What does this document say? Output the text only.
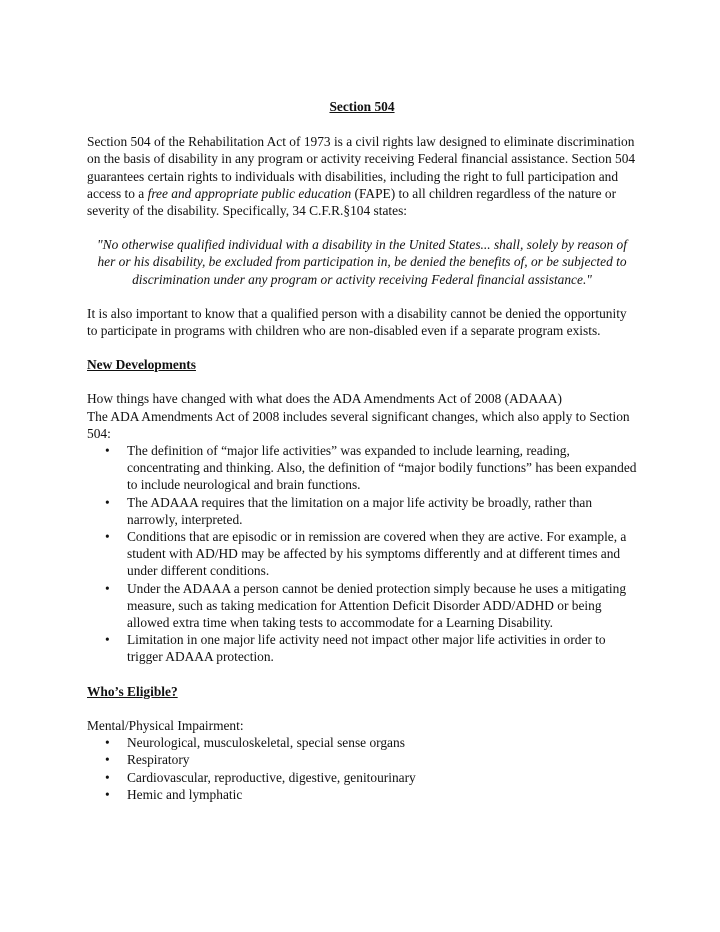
Section 504

Section 504 of the Rehabilitation Act of 1973 is a civil rights law designed to eliminate discrimination on the basis of disability in any program or activity receiving Federal financial assistance. Section 504 guarantees certain rights to individuals with disabilities, including the right to full participation and access to a free and appropriate public education (FAPE) to all children regardless of the nature or severity of the disability. Specifically, 34 C.F.R.§104 states:

"No otherwise qualified individual with a disability in the United States... shall, solely by reason of her or his disability, be excluded from participation in, be denied the benefits of, or be subjected to discrimination under any program or activity receiving Federal financial assistance."

It is also important to know that a qualified person with a disability cannot be denied the opportunity to participate in programs with children who are non-disabled even if a separate program exists.

New Developments

How things have changed with what does the ADA Amendments Act of 2008 (ADAAA)
The ADA Amendments Act of 2008 includes several significant changes, which also apply to Section 504:

• The definition of “major life activities” was expanded to include learning, reading, concentrating and thinking. Also, the definition of “major bodily functions” has been expanded to include neurological and brain functions.
• The ADAAA requires that the limitation on a major life activity be broadly, rather than narrowly, interpreted.
• Conditions that are episodic or in remission are covered when they are active. For example, a student with AD/HD may be affected by his symptoms differently and at different times and under different conditions.
• Under the ADAAA a person cannot be denied protection simply because he uses a mitigating measure, such as taking medication for Attention Deficit Disorder ADD/ADHD or being allowed extra time when taking tests to accommodate for a Learning Disability.
• Limitation in one major life activity need not impact other major life activities in order to trigger ADAAA protection.
Who’s Eligible?

Mental/Physical Impairment:

• Neurological, musculoskeletal, special sense organs
• Respiratory
• Cardiovascular, reproductive, digestive, genitourinary
• Hemic and lymphatic
